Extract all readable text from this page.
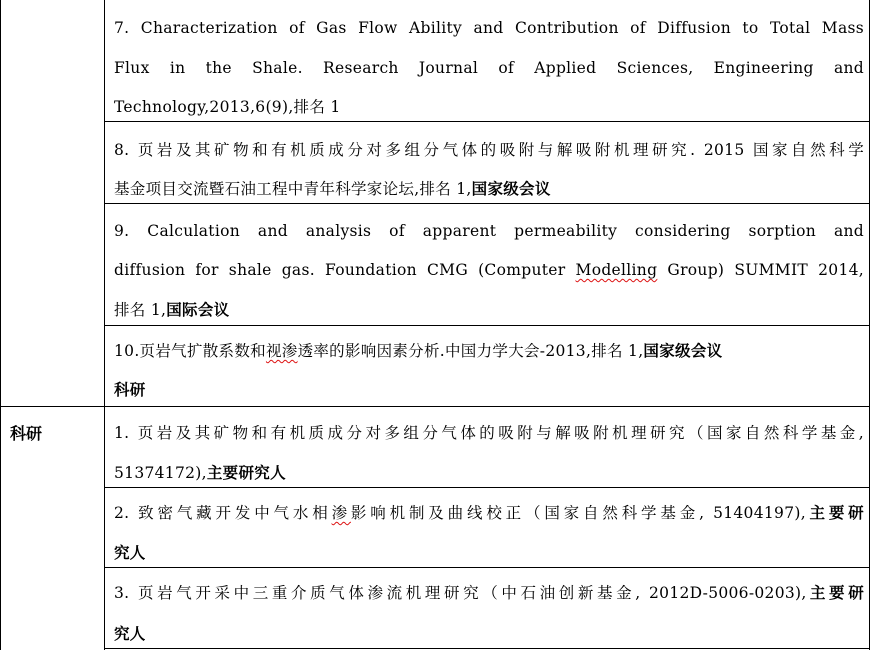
科研
7. Characterization of Gas Flow Ability and Contribution of Diffusion to Total Mass
Flux in the Shale. Research Journal of Applied Sciences, Engineering and
Technology,2013,6(9),排名 1
8. 页岩及其矿物和有机质成分对多组分气体的吸附与解吸附机理研究. 2015 国家自然科学
基金项目交流暨石油工程中青年科学家论坛,排名 1,国家级会议
9. Calculation and analysis of apparent permeability considering sorption and
diffusion for shale gas. Foundation CMG (Computer Modelling Group) SUMMIT 2014,
排名 1,国际会议
10.页岩气扩散系数和视渗透率的影响因素分析.中国力学大会-2013,排名 1,国家级会议
科研
1. 页岩及其矿物和有机质成分对多组分气体的吸附与解吸附机理研究（国家自然科学基金,
51374172),主要研究人
2. 致密气藏开发中气水相渗影响机制及曲线校正（国家自然科学基金, 51404197),主要研
究人
3. 页岩气开采中三重介质气体渗流机理研究（中石油创新基金, 2012D-5006-0203),主要研
究人
